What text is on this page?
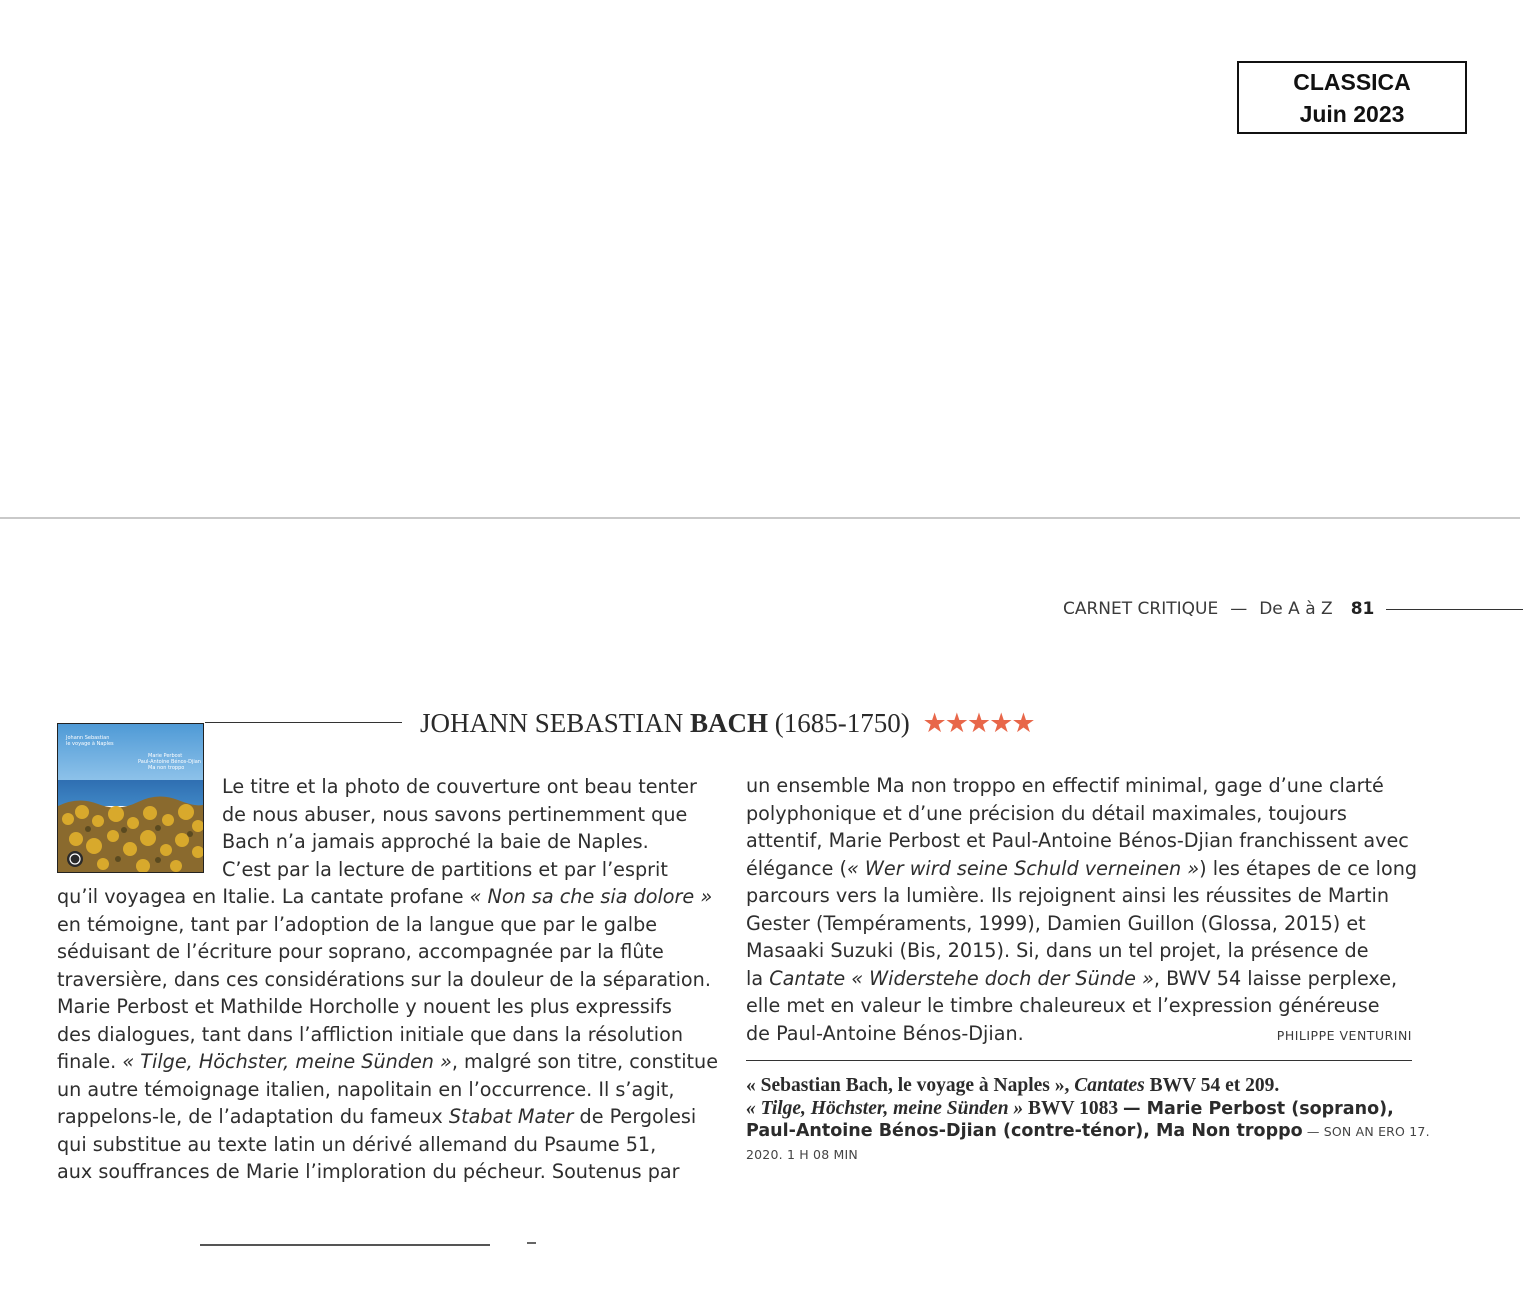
CLASSICA
Juin 2023
CARNET CRITIQUE — De A à Z 81
Johann Sebastian
le voyage à Naples
Marie Perbost
Paul-Antoine Bénos-Djian
Ma non troppo
JOHANN SEBASTIAN BACH (1685-1750) ★★★★★
Le titre et la photo de couverture ont beau tenter
de nous abuser, nous savons pertinemment que
Bach n’a jamais approché la baie de Naples.
C’est par la lecture de partitions et par l’esprit
qu’il voyagea en Italie. La cantate profane « Non sa che sia dolore »
en témoigne, tant par l’adoption de la langue que par le galbe
séduisant de l’écriture pour soprano, accompagnée par la flûte
traversière, dans ces considérations sur la douleur de la séparation.
Marie Perbost et Mathilde Horcholle y nouent les plus expressifs
des dialogues, tant dans l’affliction initiale que dans la résolution
finale. « Tilge, Höchster, meine Sünden », malgré son titre, constitue
un autre témoignage italien, napolitain en l’occurrence. Il s’agit,
rappelons-le, de l’adaptation du fameux Stabat Mater de Pergolesi
qui substitue au texte latin un dérivé allemand du Psaume 51,
aux souffrances de Marie l’imploration du pécheur. Soutenus par
un ensemble Ma non troppo en effectif minimal, gage d’une clarté
polyphonique et d’une précision du détail maximales, toujours
attentif, Marie Perbost et Paul-Antoine Bénos-Djian franchissent avec
élégance (« Wer wird seine Schuld verneinen ») les étapes de ce long
parcours vers la lumière. Ils rejoignent ainsi les réussites de Martin
Gester (Tempéraments, 1999), Damien Guillon (Glossa, 2015) et
Masaaki Suzuki (Bis, 2015). Si, dans un tel projet, la présence de
la Cantate « Widerstehe doch der Sünde », BWV 54 laisse perplexe,
elle met en valeur le timbre chaleureux et l’expression généreuse
de Paul-Antoine Bénos-Djian.	PHILIPPE VENTURINI
« Sebastian Bach, le voyage à Naples », Cantates BWV 54 et 209.
« Tilge, Höchster, meine Sünden » BWV 1083 — Marie Perbost (soprano),
Paul-Antoine Bénos-Djian (contre-ténor), Ma Non troppo — SON AN ERO 17.
2020. 1 H 08 MIN
